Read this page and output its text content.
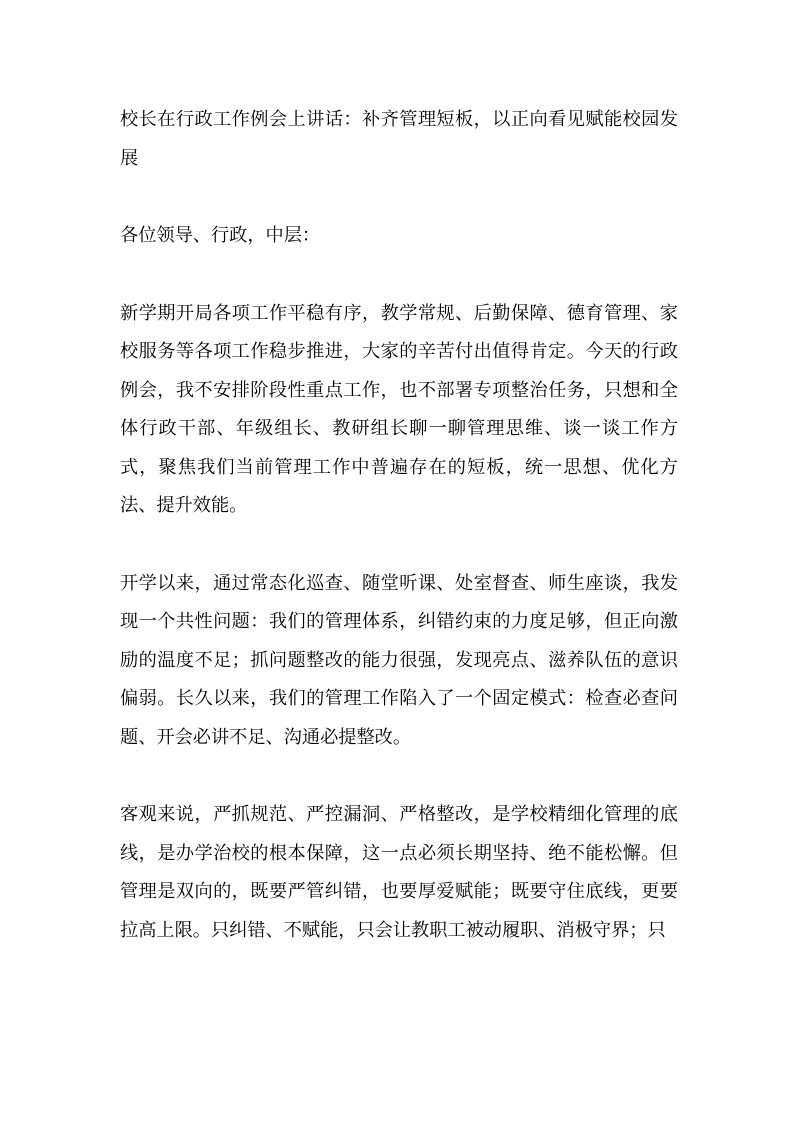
校长在行政工作例会上讲话：补齐管理短板，以正向看见赋能校园发展

各位领导、行政，中层：

新学期开局各项工作平稳有序，教学常规、后勤保障、德育管理、家校服务等各项工作稳步推进，大家的辛苦付出值得肯定。今天的行政例会，我不安排阶段性重点工作，也不部署专项整治任务，只想和全体行政干部、年级组长、教研组长聊一聊管理思维、谈一谈工作方式，聚焦我们当前管理工作中普遍存在的短板，统一思想、优化方法、提升效能。

开学以来，通过常态化巡查、随堂听课、处室督查、师生座谈，我发现一个共性问题：我们的管理体系，纠错约束的力度足够，但正向激励的温度不足；抓问题整改的能力很强，发现亮点、滋养队伍的意识偏弱。长久以来，我们的管理工作陷入了一个固定模式：检查必查问题、开会必讲不足、沟通必提整改。

客观来说，严抓规范、严控漏洞、严格整改，是学校精细化管理的底线，是办学治校的根本保障，这一点必须长期坚持、绝不能松懈。但管理是双向的，既要严管纠错，也要厚爱赋能；既要守住底线，更要拉高上限。只纠错、不赋能，只会让教职工被动履职、消极守界；只
